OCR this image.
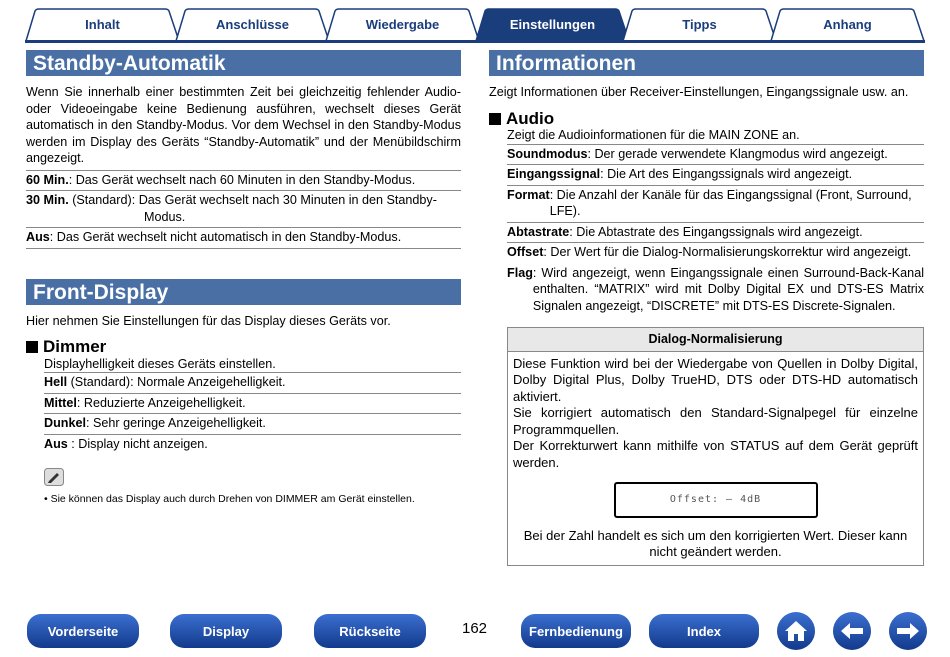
Inhalt	Anschlüsse	Wiedergabe	Einstellungen	Tipps	Anhang
Standby-Automatik

Wenn Sie innerhalb einer bestimmten Zeit bei gleichzeitig fehlender Audio- oder Videoeingabe keine Bedienung ausführen, wechselt dieses Gerät automatisch in den Standby-Modus. Vor dem Wechsel in den Standby-Modus werden im Display des Geräts “Standby-Automatik” und der Menübildschirm angezeigt.

60 Min.: Das Gerät wechselt nach 60 Minuten in den Standby-Modus.
30 Min. (Standard): Das Gerät wechselt nach 30 Minuten in den Standby-
Modus.
Aus: Das Gerät wechselt nicht automatisch in den Standby-Modus.
Front-Display

Hier nehmen Sie Einstellungen für das Display dieses Geräts vor.

Dimmer

Displayhelligkeit dieses Geräts einstellen.

Hell (Standard): Normale Anzeigehelligkeit.
Mittel: Reduzierte Anzeigehelligkeit.
Dunkel: Sehr geringe Anzeigehelligkeit.
Aus : Display nicht anzeigen.

• Sie können das Display auch durch Drehen von DIMMER am Gerät einstellen.

Informationen

Zeigt Informationen über Receiver-Einstellungen, Eingangssignale usw. an.

Audio

Zeigt die Audioinformationen für die MAIN ZONE an.

Soundmodus : Der gerade verwendete Klangmodus wird angezeigt.
Eingangssignal : Die Art des Eingangssignals wird angezeigt.
Format : Die Anzahl der Kanäle für das Eingangssignal (Front, Surround, LFE).
Abtastrate : Die Abtastrate des Eingangssignals wird angezeigt.
Offset : Der Wert für die Dialog-Normalisierungskorrektur wird angezeigt.
Flag : Wird angezeigt, wenn Eingangssignale einen Surround-Back-Kanal enthalten. “MATRIX” wird mit Dolby Digital EX und DTS-ES Matrix Signalen angezeigt, “DISCRETE” mit DTS-ES Discrete-Signalen.
Dialog-Normalisierung

Diese Funktion wird bei der Wiedergabe von Quellen in Dolby Digital, Dolby Digital Plus, Dolby TrueHD, DTS oder DTS-HD automatisch aktiviert.

Sie korrigiert automatisch den Standard-Signalpegel für einzelne Programmquellen.

Der Korrekturwert kann mithilfe von STATUS auf dem Gerät geprüft werden.

Offset: – 4dB

Bei der Zahl handelt es sich um den korrigierten Wert. Dieser kann nicht geändert werden.

Vorderseite	Display	Rückseite	162	Fernbedienung	Index
